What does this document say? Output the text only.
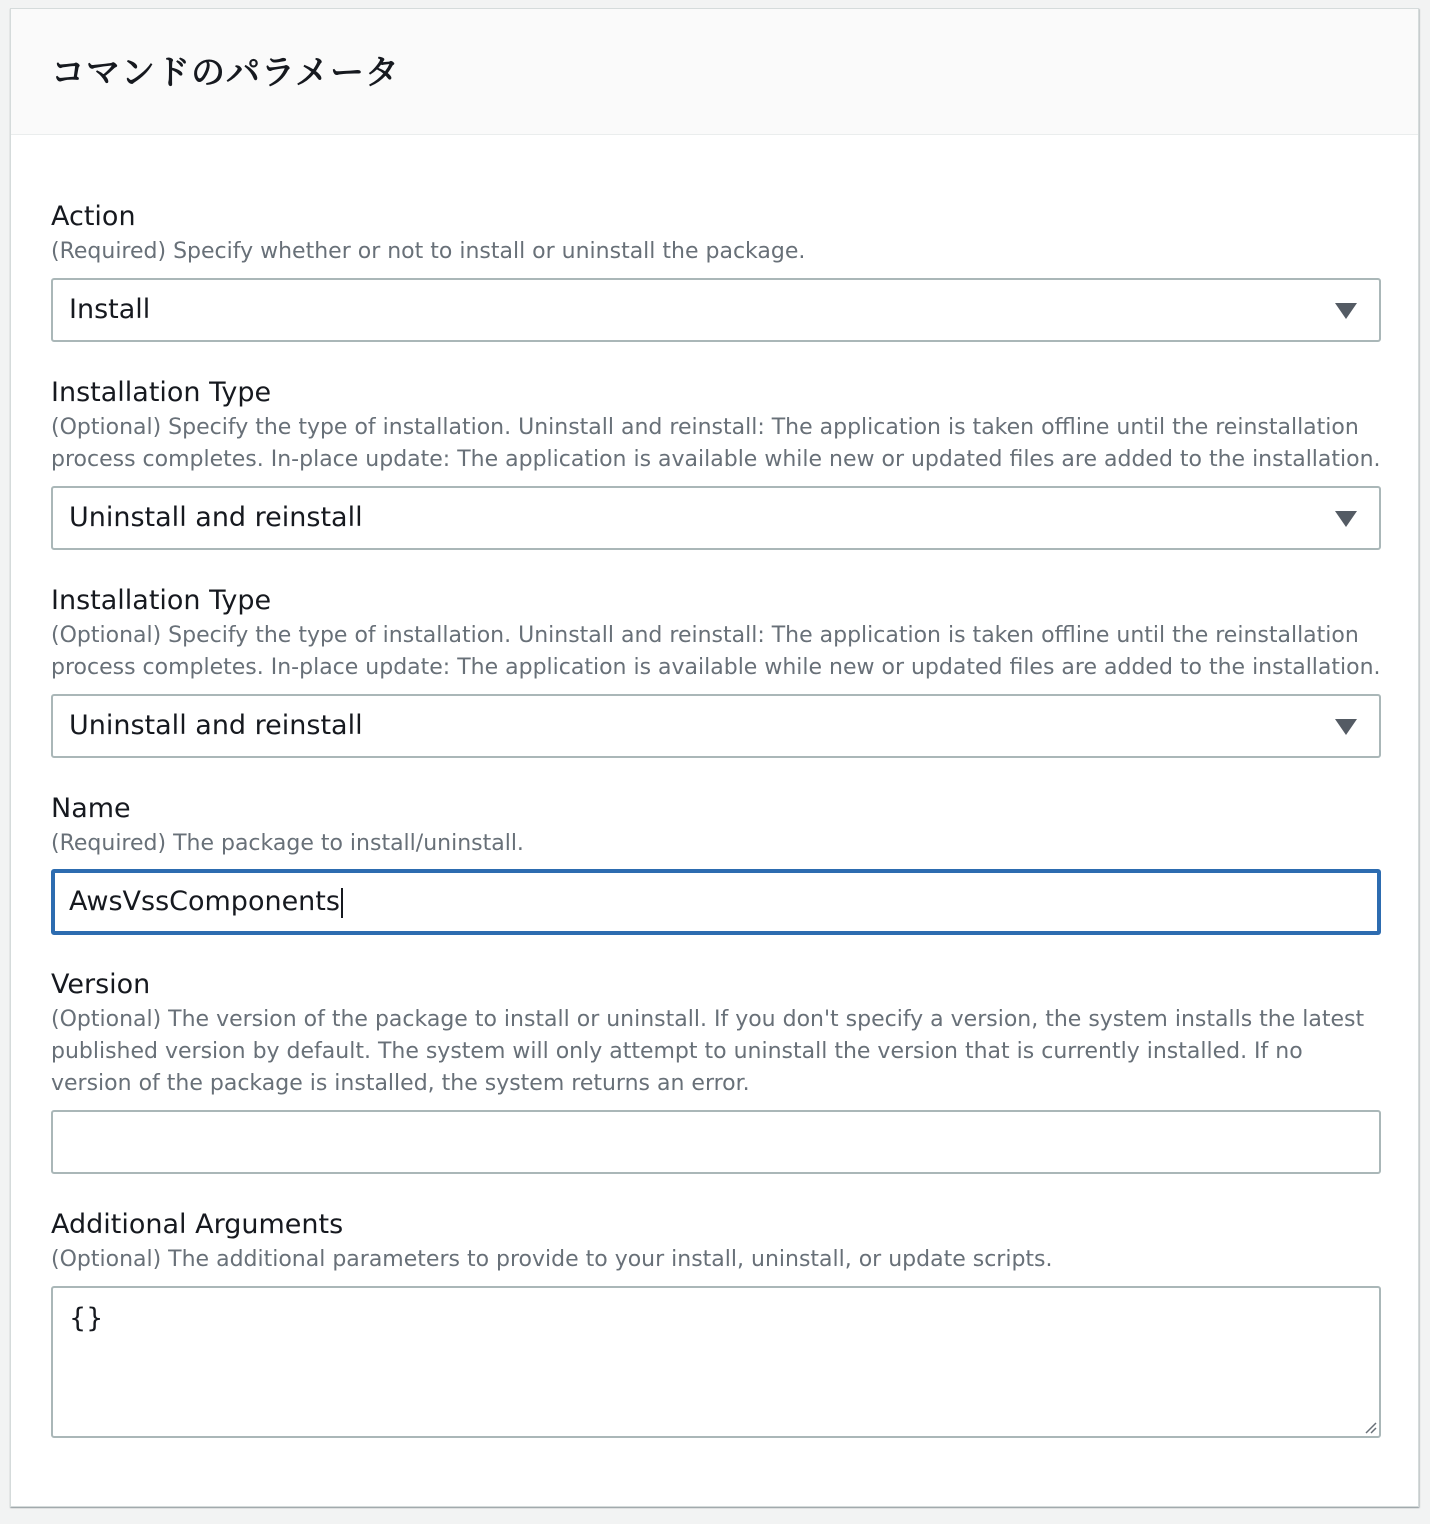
コマンドのパラメータ
Action
(Required) Specify whether or not to install or uninstall the package.
Install
Installation Type
(Optional) Specify the type of installation. Uninstall and reinstall: The application is taken offline until the reinstallation process completes. In-place update: The application is available while new or updated files are added to the installation.
Uninstall and reinstall
Installation Type
(Optional) Specify the type of installation. Uninstall and reinstall: The application is taken offline until the reinstallation process completes. In-place update: The application is available while new or updated files are added to the installation.
Uninstall and reinstall
Name
(Required) The package to install/uninstall.
AwsVssComponents
Version
(Optional) The version of the package to install or uninstall. If you don't specify a version, the system installs the latest published version by default. The system will only attempt to uninstall the version that is currently installed. If no version of the package is installed, the system returns an error.
Additional Arguments
(Optional) The additional parameters to provide to your install, uninstall, or update scripts.
{}
